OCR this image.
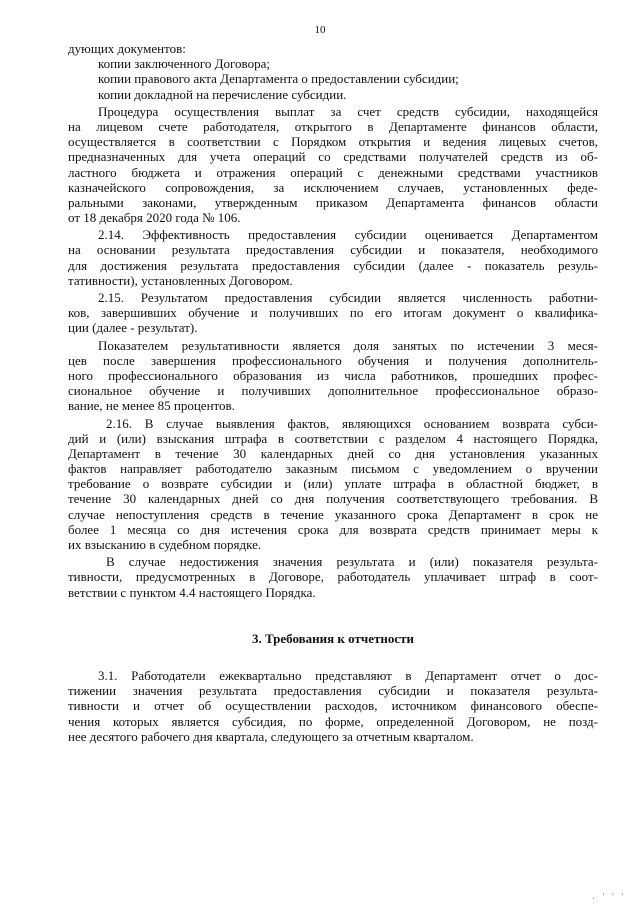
10
дующих документов:
копии заключенного Договора;
копии правового акта Департамента о предоставлении субсидии;
копии докладной на перечисление субсидии.
Процедура осуществления выплат за счет средств субсидии, находящейся
на лицевом счете работодателя, открытого в Департаменте финансов области,
осуществляется в соответствии с Порядком открытия и ведения лицевых счетов,
предназначенных для учета операций со средствами получателей средств из об-
ластного бюджета и отражения операций с денежными средствами участников
казначейского сопровождения, за исключением случаев, установленных феде-
ральными законами, утвержденным приказом Департамента финансов области
от 18 декабря 2020 года № 106.
2.14. Эффективность предоставления субсидии оценивается Департаментом
на основании результата предоставления субсидии и показателя, необходимого
для достижения результата предоставления субсидии (далее - показатель резуль-
тативности), установленных Договором.
2.15. Результатом предоставления субсидии является численность работни-
ков, завершивших обучение и получивших по его итогам документ о квалифика-
ции (далее - результат).
Показателем результативности является доля занятых по истечении 3 меся-
цев после завершения профессионального обучения и получения дополнитель-
ного профессионального образования из числа работников, прошедших профес-
сиональное обучение и получивших дополнительное профессиональное образо-
вание, не менее 85 процентов.
2.16. В случае выявления фактов, являющихся основанием возврата субси-
дий и (или) взыскания штрафа в соответствии с разделом 4 настоящего Порядка,
Департамент в течение 30 календарных дней со дня установления указанных
фактов направляет работодателю заказным письмом с уведомлением о вручении
требование о возврате субсидии и (или) уплате штрафа в областной бюджет, в
течение 30 календарных дней со дня получения соответствующего требования. В
случае непоступления средств в течение указанного срока Департамент в срок не
более 1 месяца со дня истечения срока для возврата средств принимает меры к
их взысканию в судебном порядке.
В случае недостижения значения результата и (или) показателя результа-
тивности, предусмотренных в Договоре, работодатель уплачивает штраф в соот-
ветствии с пунктом 4.4 настоящего Порядка.
3. Требования к отчетности
3.1. Работодатели ежеквартально представляют в Департамент отчет о дос-
тижении значения результата предоставления субсидии и показателя результа-
тивности и отчет об осуществлении расходов, источником финансового обеспе-
чения которых является субсидия, по форме, определенной Договором, не позд-
нее десятого рабочего дня квартала, следующего за отчетным кварталом.
. ' ' '
